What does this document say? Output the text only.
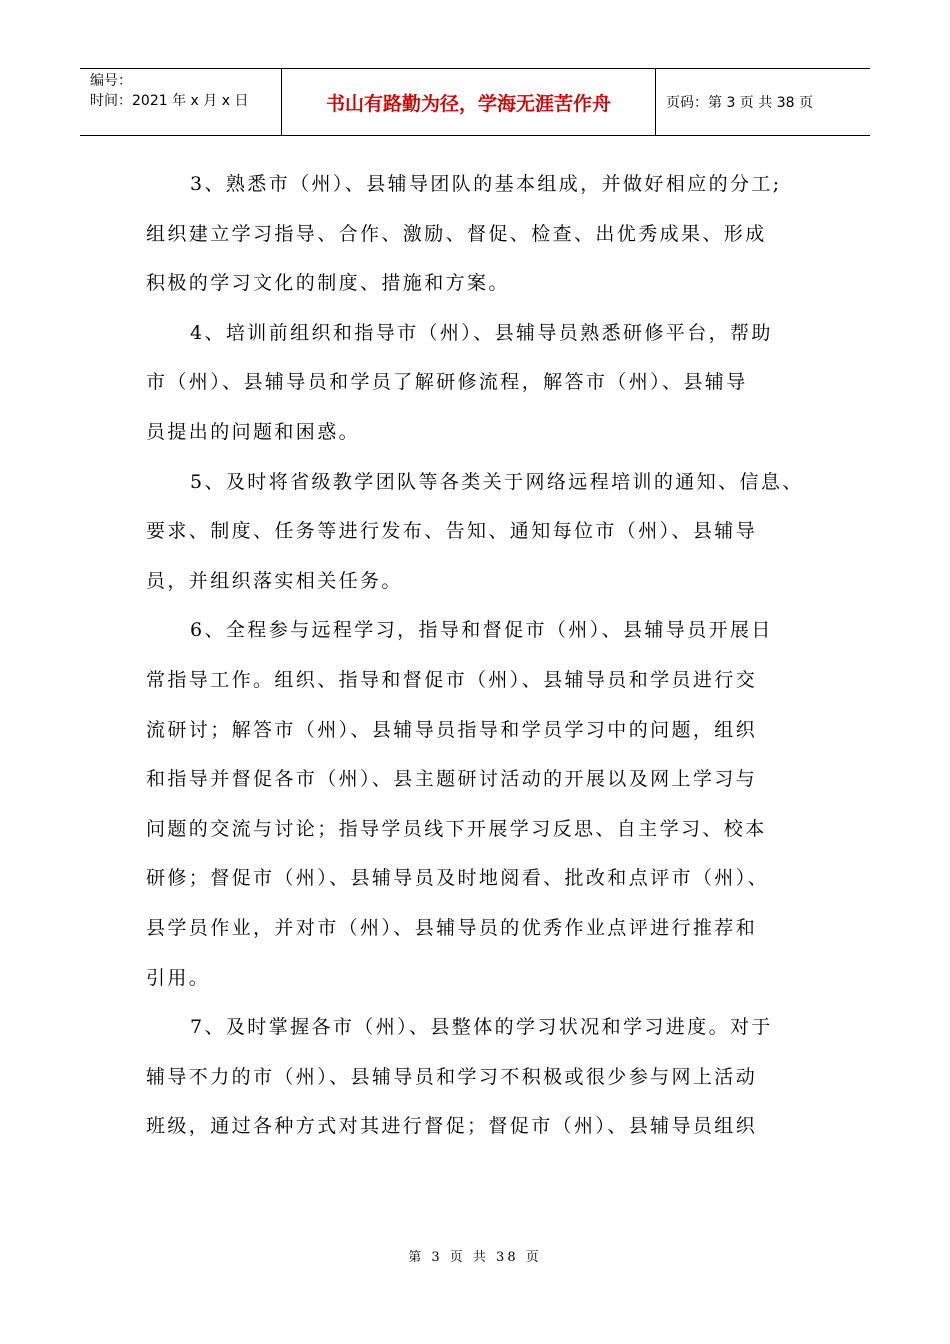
编号：
时间：2021 年 x 月 x 日	书山有路勤为径，学海无涯苦作舟	页码：第 3 页 共 38 页

3、熟悉市（州）、县辅导团队的基本组成，并做好相应的分工;
组织建立学习指导、合作、激励、督促、检查、出优秀成果、形成
积极的学习文化的制度、措施和方案。

4、培训前组织和指导市（州）、县辅导员熟悉研修平台，帮助
市（州）、县辅导员和学员了解研修流程，解答市（州）、县辅导
员提出的问题和困惑。

5、及时将省级教学团队等各类关于网络远程培训的通知、信息、
要求、制度、任务等进行发布、告知、通知每位市（州）、县辅导
员，并组织落实相关任务。

6、全程参与远程学习，指导和督促市（州）、县辅导员开展日
常指导工作。组织、指导和督促市（州）、县辅导员和学员进行交
流研讨；解答市（州）、县辅导员指导和学员学习中的问题，组织
和指导并督促各市（州）、县主题研讨活动的开展以及网上学习与
问题的交流与讨论；指导学员线下开展学习反思、自主学习、校本
研修；督促市（州）、县辅导员及时地阅看、批改和点评市（州）、
县学员作业，并对市（州）、县辅导员的优秀作业点评进行推荐和
引用。

7、及时掌握各市（州）、县整体的学习状况和学习进度。对于
辅导不力的市（州）、县辅导员和学习不积极或很少参与网上活动
班级，通过各种方式对其进行督促；督促市（州）、县辅导员组织

第 3 页 共 38 页
